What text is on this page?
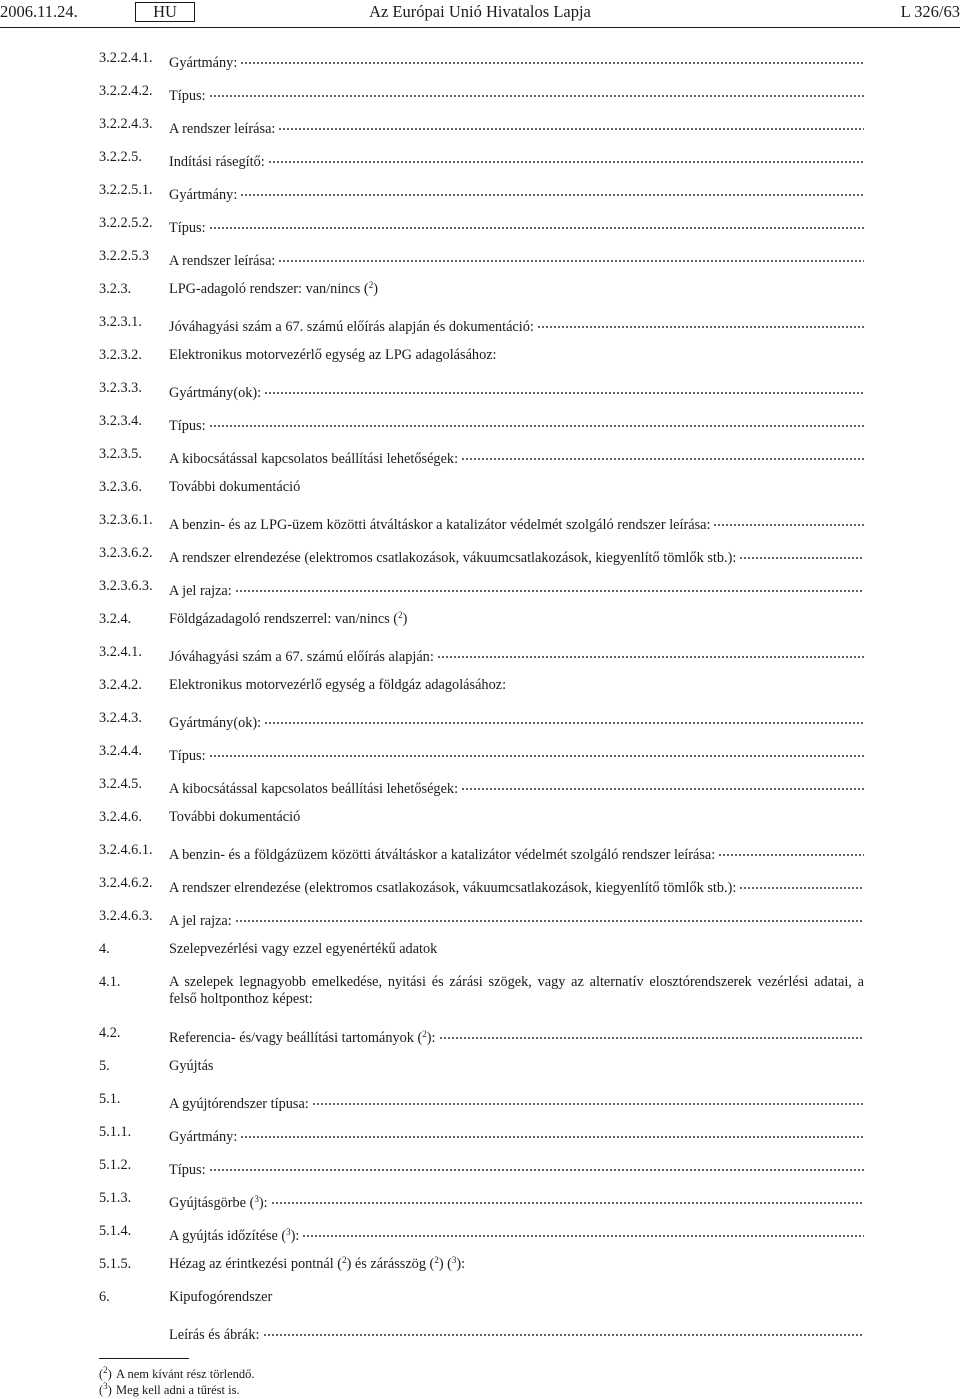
2006.11.24.	HU	Az Európai Unió Hivatalos Lapja	L 326/63
3.2.2.4.1. Gyártmány:
3.2.2.4.2. Típus:
3.2.2.4.3. A rendszer leírása:
3.2.2.5. Indítási rásegítő:
3.2.2.5.1. Gyártmány:
3.2.2.5.2. Típus:
3.2.2.5.3 A rendszer leírása:
3.2.3.	LPG-adagoló rendszer: van/nincs ($^2$)
3.2.3.1. Jóváhagyási szám a 67. számú előírás alapján és dokumentáció:
3.2.3.2. Elektronikus motorvezérlő egység az LPG adagolásához:
3.2.3.3. Gyártmány(ok):
3.2.3.4. Típus:
3.2.3.5. A kibocsátással kapcsolatos beállítási lehetőségek:
3.2.3.6. További dokumentáció
3.2.3.6.1. A benzin- és az LPG-üzem közötti átváltáskor a katalizátor védelmét szolgáló rendszer leírása:
3.2.3.6.2. A rendszer elrendezése (elektromos csatlakozások, vákuumcsatlakozások, kiegyenlítő tömlők stb.):
3.2.3.6.3. A jel rajza:
3.2.4.	Földgázadagoló rendszerrel: van/nincs ($^2$)
3.2.4.1. Jóváhagyási szám a 67. számú előírás alapján:
3.2.4.2. Elektronikus motorvezérlő egység a földgáz adagolásához:
3.2.4.3. Gyártmány(ok):
3.2.4.4. Típus:
3.2.4.5. A kibocsátással kapcsolatos beállítási lehetőségek:
3.2.4.6. További dokumentáció
3.2.4.6.1. A benzin- és a földgázüzem közötti átváltáskor a katalizátor védelmét szolgáló rendszer leírása:
3.2.4.6.2. A rendszer elrendezése (elektromos csatlakozások, vákuumcsatlakozások, kiegyenlítő tömlők stb.):
3.2.4.6.3. A jel rajza:
4.	Szelepvezérlési vagy ezzel egyenértékű adatok
4.1.	A szelepek legnagyobb emelkedése, nyitási és zárási szögek, vagy az alternatív elosztórendszerek vezérlési adatai, a felső holtponthoz képest:
4.2.	Referencia- és/vagy beállítási tartományok ($^2$):
5.	Gyújtás
5.1.	A gyújtórendszer típusa:
5.1.1.	Gyártmány:
5.1.2.	Típus:
5.1.3.	Gyújtásgörbe ($^3$):
5.1.4.	A gyújtás időzítése ($^3$):
5.1.5.	Hézag az érintkezési pontnál ($^2$) és zárásszög ($^2$) ($^3$):
6.	Kipufogórendszer
Leírás és ábrák:
($^2$) A nem kívánt rész törlendő.
($^3$) Meg kell adni a tűrést is.
